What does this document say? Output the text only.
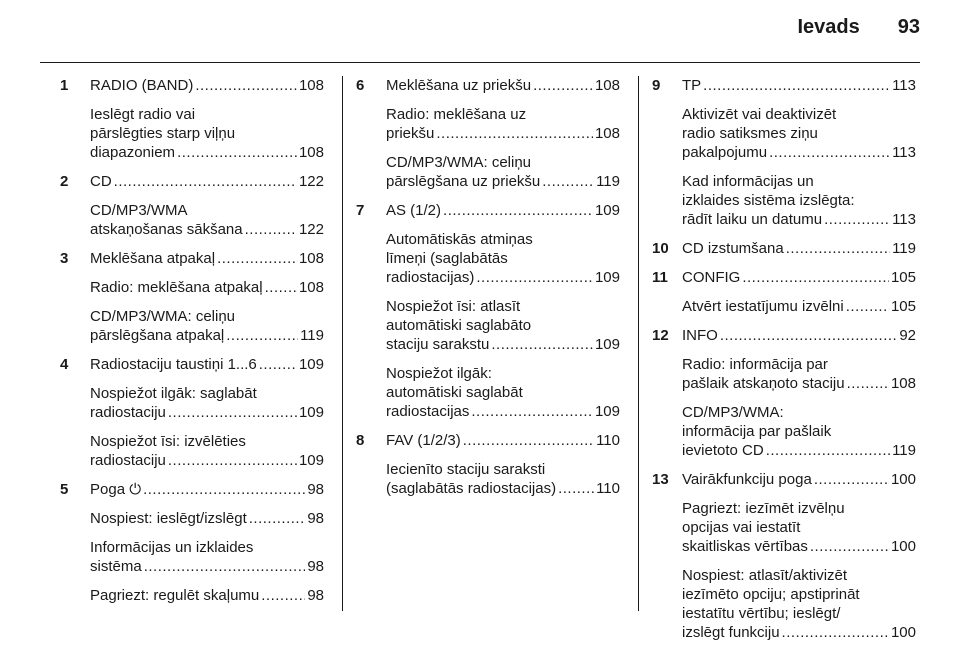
Ievads 93
1 RADIO (BAND) .....	108
Ieslēgt radio vai
pārslēgties starp viļņu
diapazoniem .....	108
2 CD .....	122
CD/MP3/WMA
atskaņošanas sākšana .....	122
3 Meklēšana atpakaļ .....	108
Radio: meklēšana atpakaļ ..... 108
CD/MP3/WMA: celiņu
pārslēgšana atpakaļ .....	119
4 Radiostaciju taustiņi 1...6 .....	109
Nospiežot ilgāk: saglabāt
radiostaciju .....	109
Nospiežot īsi: izvēlēties
radiostaciju .....	109
5 Poga ⏻ .....	98
Nospiest: ieslēgt/izslēgt .....	98
Informācijas un izklaides
sistēma .....	98
Pagriezt: regulēt skaļumu .....	98
6 Meklēšana uz priekšu .....	108
Radio: meklēšana uz
priekšu .....	108
CD/MP3/WMA: celiņu
pārslēgšana uz priekšu .....	119
7 AS (1/2) .....	109
Automātiskās atmiņas
līmeņi (saglabātās
radiostacijas) .....	109
Nospiežot īsi: atlasīt
automātiski saglabāto
staciju sarakstu .....	109
Nospiežot ilgāk:
automātiski saglabāt
radiostacijas .....	109
8 FAV (1/2/3) .....	110
Iecienīto staciju saraksti
(saglabātās radiostacijas) .....	110
9 TP .....	113
Aktivizēt vai deaktivizēt
radio satiksmes ziņu
pakalpojumu .....	113
Kad informācijas un
izklaides sistēma izslēgta:
rādīt laiku un datumu .....	113
10 CD izstumšana .....	119
11 CONFIG .....	105
Atvērt iestatījumu izvēlni .....	105
12 INFO .....	92
Radio: informācija par
pašlaik atskaņoto staciju .....	108
CD/MP3/WMA:
informācija par pašlaik
ievietoto CD .....	119
13 Vairākfunkciju poga .....	100
Pagriezt: iezīmēt izvēlņu
opcijas vai iestatīt
skaitliskas vērtības .....	100
Nospiest: atlasīt/aktivizēt
iezīmēto opciju; apstiprināt
iestatītu vērtību; ieslēgt/
izslēgt funkciju .....	100
